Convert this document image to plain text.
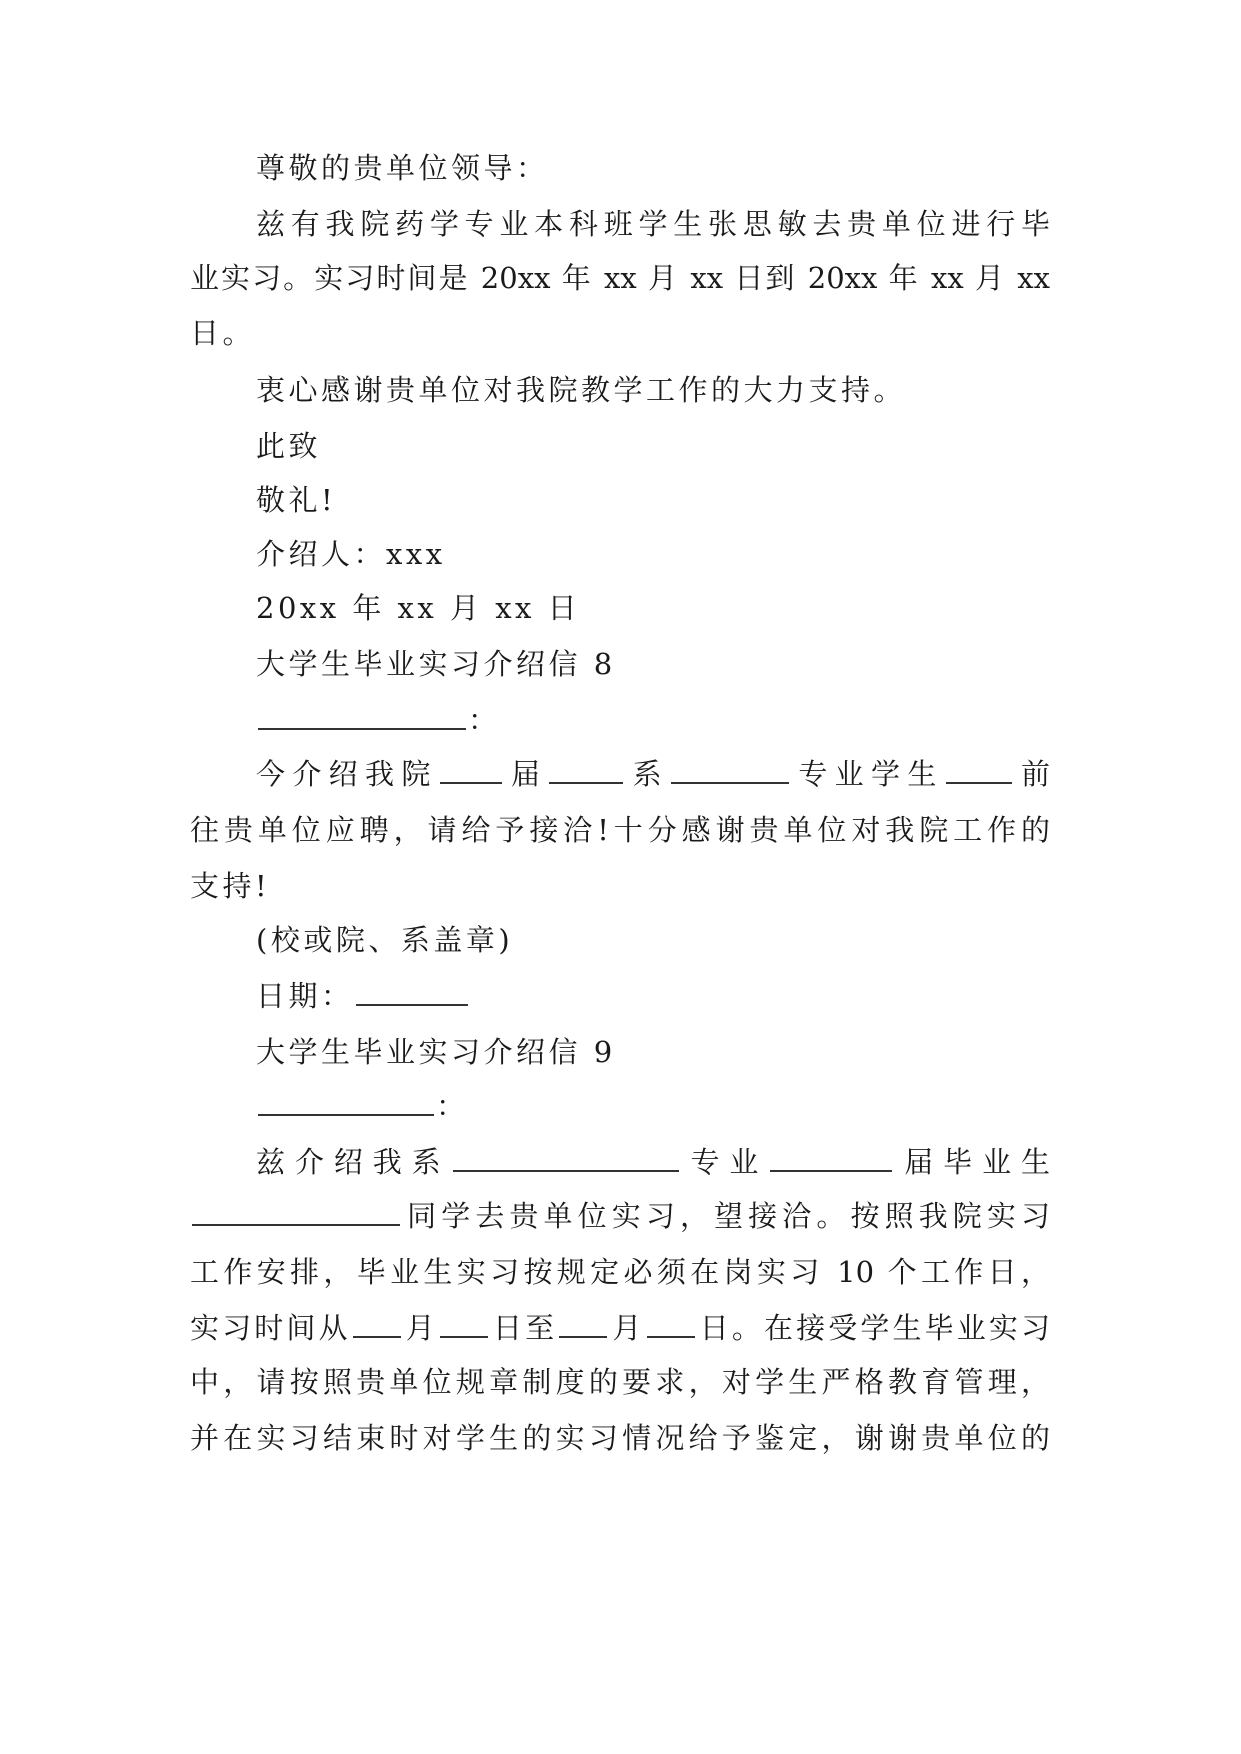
尊敬的贵单位领导：
兹有我院药学专业本科班学生张思敏去贵单位进行毕
业实习。实习时间是 20xx 年 xx 月 xx 日到 20xx 年 xx 月 xx
日。
衷心感谢贵单位对我院教学工作的大力支持。
此致
敬礼!
介绍人：xxx
20xx 年 xx 月 xx 日
大学生毕业实习介绍信 8
：
今介绍我院 届	系	专业学生 前
往贵单位应聘，请给予接洽!十分感谢贵单位对我院工作的
支持!
(校或院、系盖章)
日期：
大学生毕业实习介绍信 9
：
兹介绍我系	专业	届毕业生
同学去贵单位实习，望接洽。按照我院实习
工作安排，毕业生实习按规定必须在岗实习 10 个工作日，
实习时间从 月 日至 月 日。在接受学生毕业实习
中，请按照贵单位规章制度的要求，对学生严格教育管理，
并在实习结束时对学生的实习情况给予鉴定，谢谢贵单位的
